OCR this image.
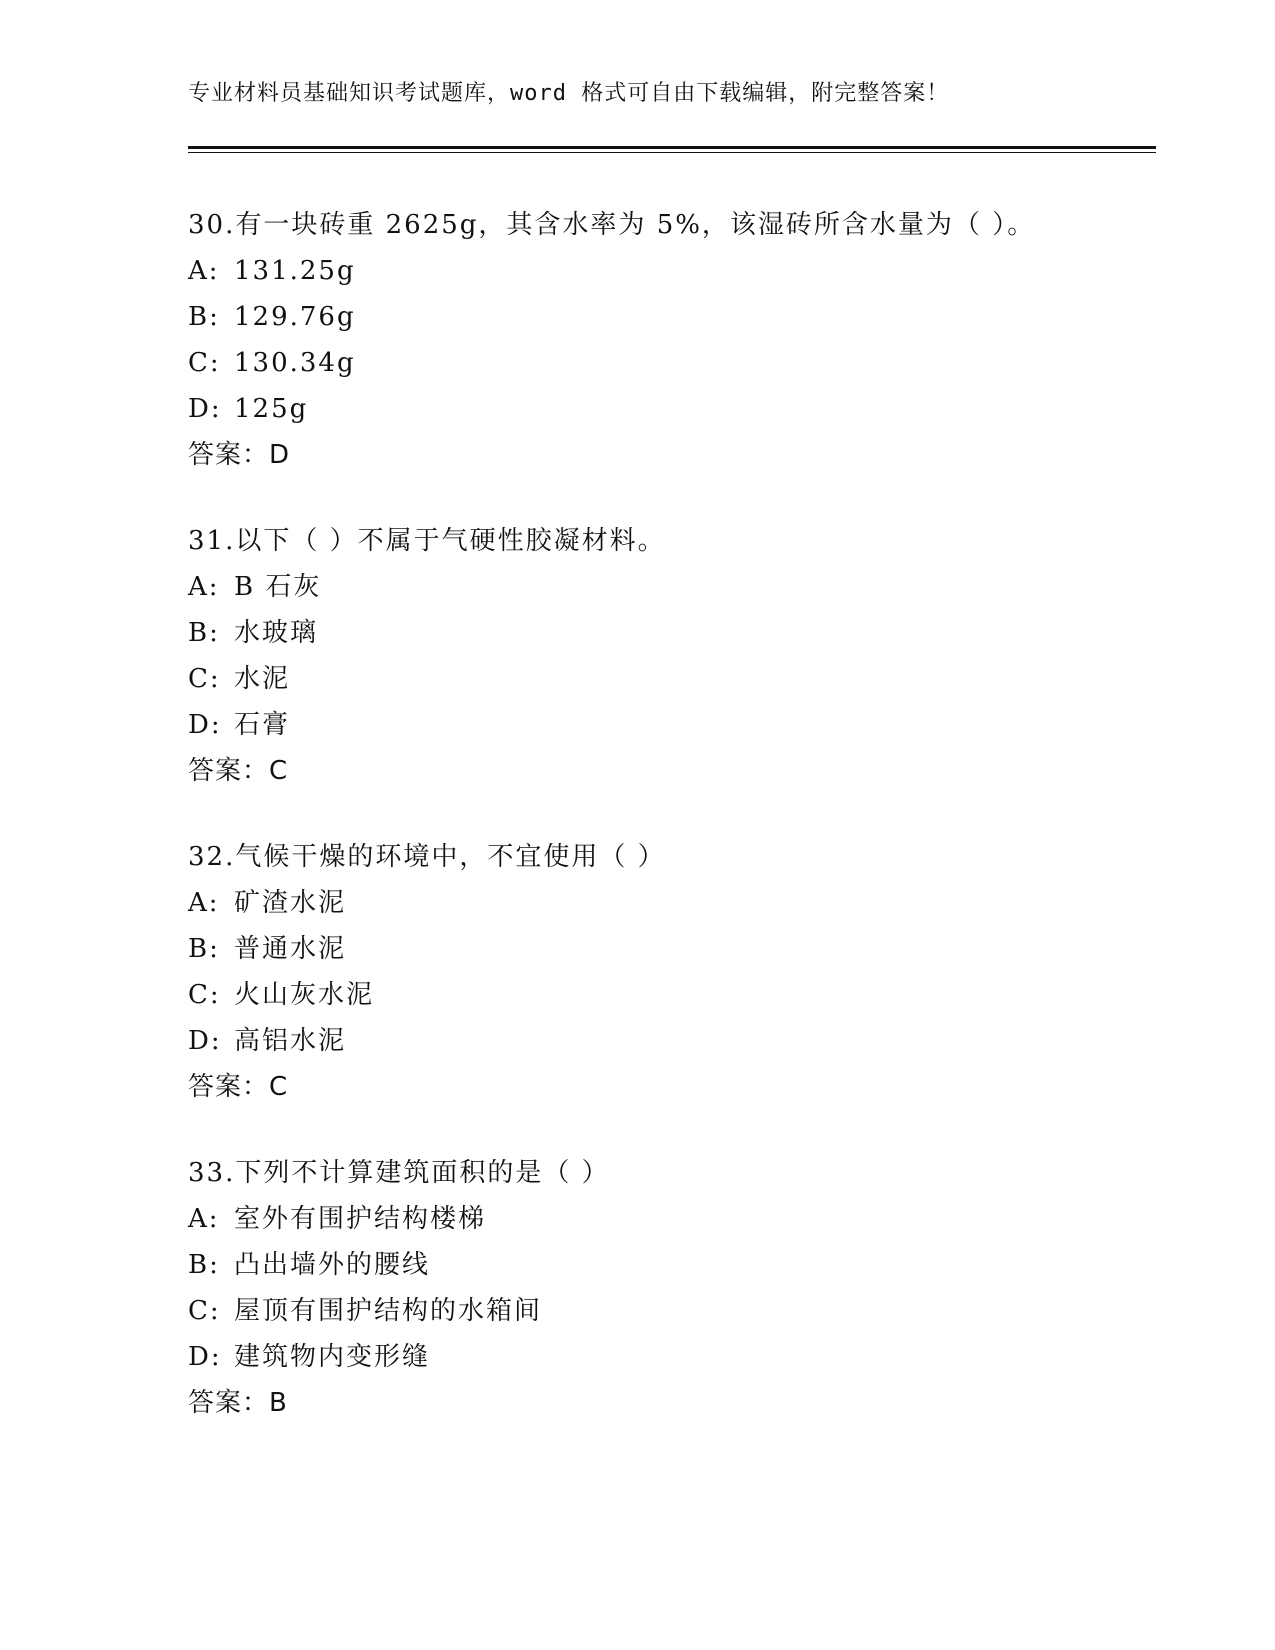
专业材料员基础知识考试题库，word 格式可自由下载编辑，附完整答案！
30.有一块砖重 2625g，其含水率为 5%，该湿砖所含水量为（ ）。
A: 131.25g
B: 129.76g
C: 130.34g
D: 125g
答案：D
31.以下（ ）不属于气硬性胶凝材料。
A: B 石灰
B: 水玻璃
C: 水泥
D: 石膏
答案：C
32.气候干燥的环境中，不宜使用（ ）
A: 矿渣水泥
B: 普通水泥
C: 火山灰水泥
D: 高铝水泥
答案：C
33.下列不计算建筑面积的是（ ）
A: 室外有围护结构楼梯
B: 凸出墙外的腰线
C: 屋顶有围护结构的水箱间
D: 建筑物内变形缝
答案：B
